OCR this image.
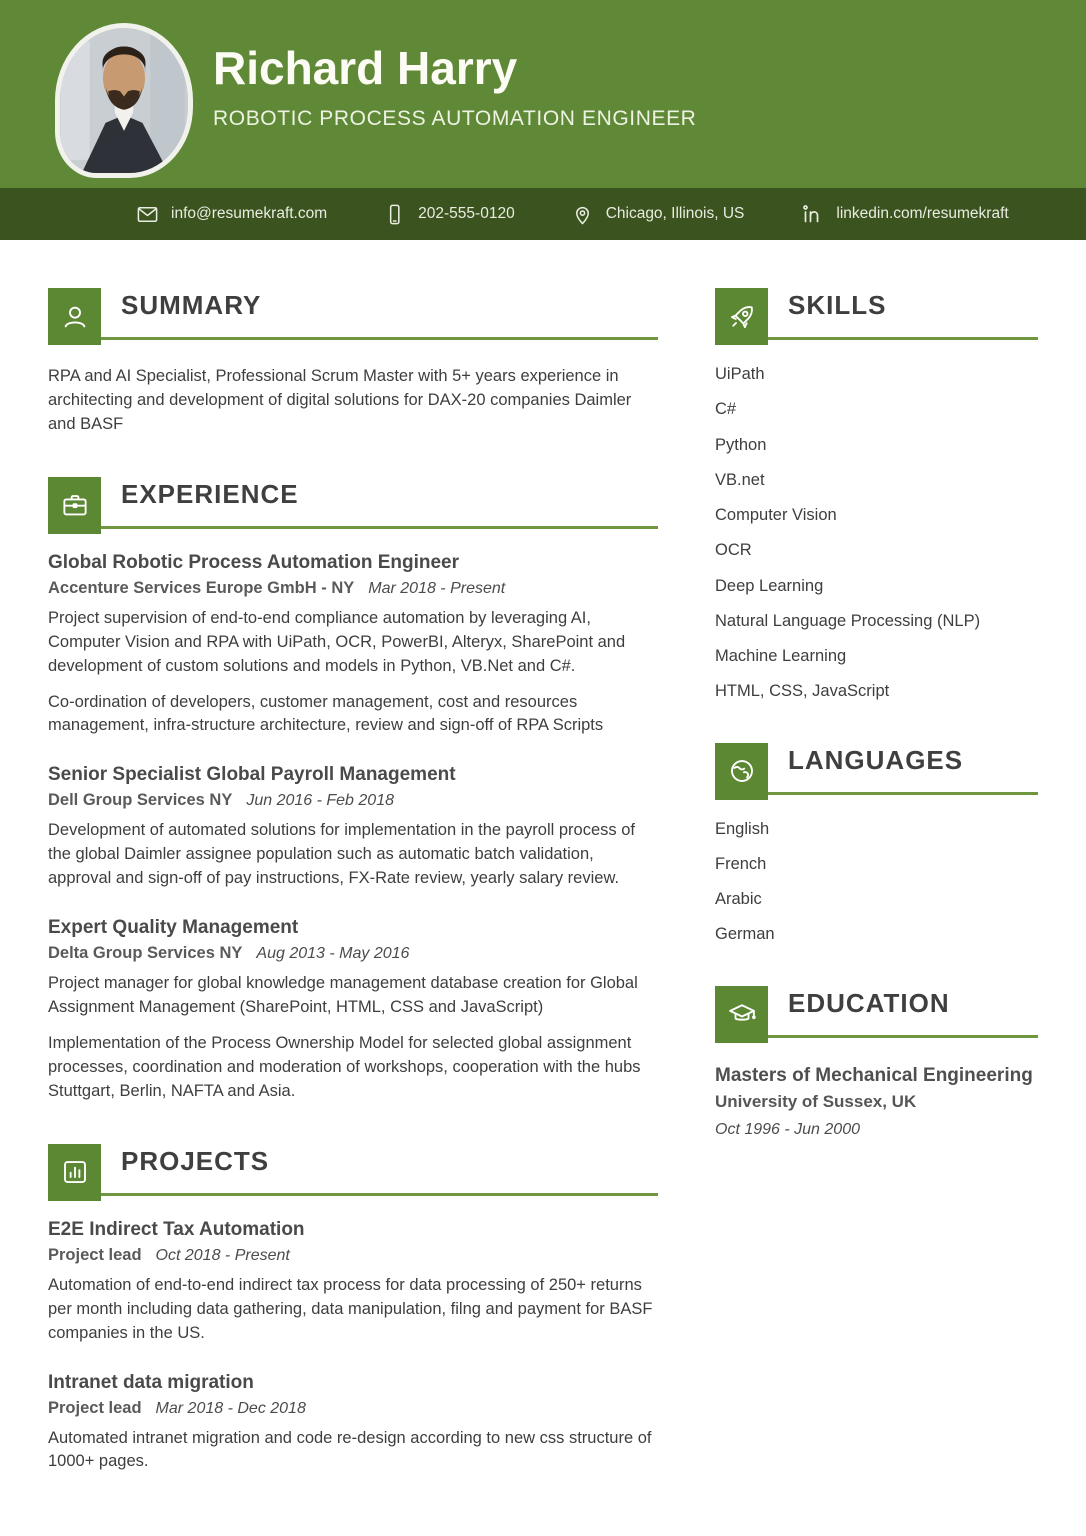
Richard Harry
ROBOTIC PROCESS AUTOMATION ENGINEER
info@resumekraft.com	202-555-0120	Chicago, Illinois, US	linkedin.com/resumekraft
SUMMARY
RPA and AI Specialist, Professional Scrum Master with 5+ years experience in architecting and development of digital solutions for DAX-20 companies Daimler and BASF
EXPERIENCE
Global Robotic Process Automation Engineer
Accenture Services Europe GmbH - NY Mar 2018 - Present

Project supervision of end-to-end compliance automation by leveraging AI, Computer Vision and RPA with UiPath, OCR, PowerBI, Alteryx, SharePoint and development of custom solutions and models in Python, VB.Net and C#.

Co-ordination of developers, customer management, cost and resources management, infra-structure architecture, review and sign-off of RPA Scripts

Senior Specialist Global Payroll Management
Dell Group Services NY Jun 2016 - Feb 2018

Development of automated solutions for implementation in the payroll process of the global Daimler assignee population such as automatic batch validation, approval and sign-off of pay instructions, FX-Rate review, yearly salary review.

Expert Quality Management
Delta Group Services NY Aug 2013 - May 2016

Project manager for global knowledge management database creation for Global Assignment Management (SharePoint, HTML, CSS and JavaScript)

Implementation of the Process Ownership Model for selected global assignment processes, coordination and moderation of workshops, cooperation with the hubs Stuttgart, Berlin, NAFTA and Asia.

PROJECTS
E2E Indirect Tax Automation
Project lead Oct 2018 - Present

Automation of end-to-end indirect tax process for data processing of 250+ returns per month including data gathering, data manipulation, filng and payment for BASF companies in the US.

Intranet data migration
Project lead Mar 2018 - Dec 2018

Automated intranet migration and code re-design according to new css structure of 1000+ pages.

SKILLS
UiPath
C#
Python
VB.net
Computer Vision
OCR
Deep Learning
Natural Language Processing (NLP)
Machine Learning
HTML, CSS, JavaScript
LANGUAGES
English
French
Arabic
German
EDUCATION

Masters of Mechanical Engineering

University of Sussex, UK
Oct 1996 - Jun 2000
